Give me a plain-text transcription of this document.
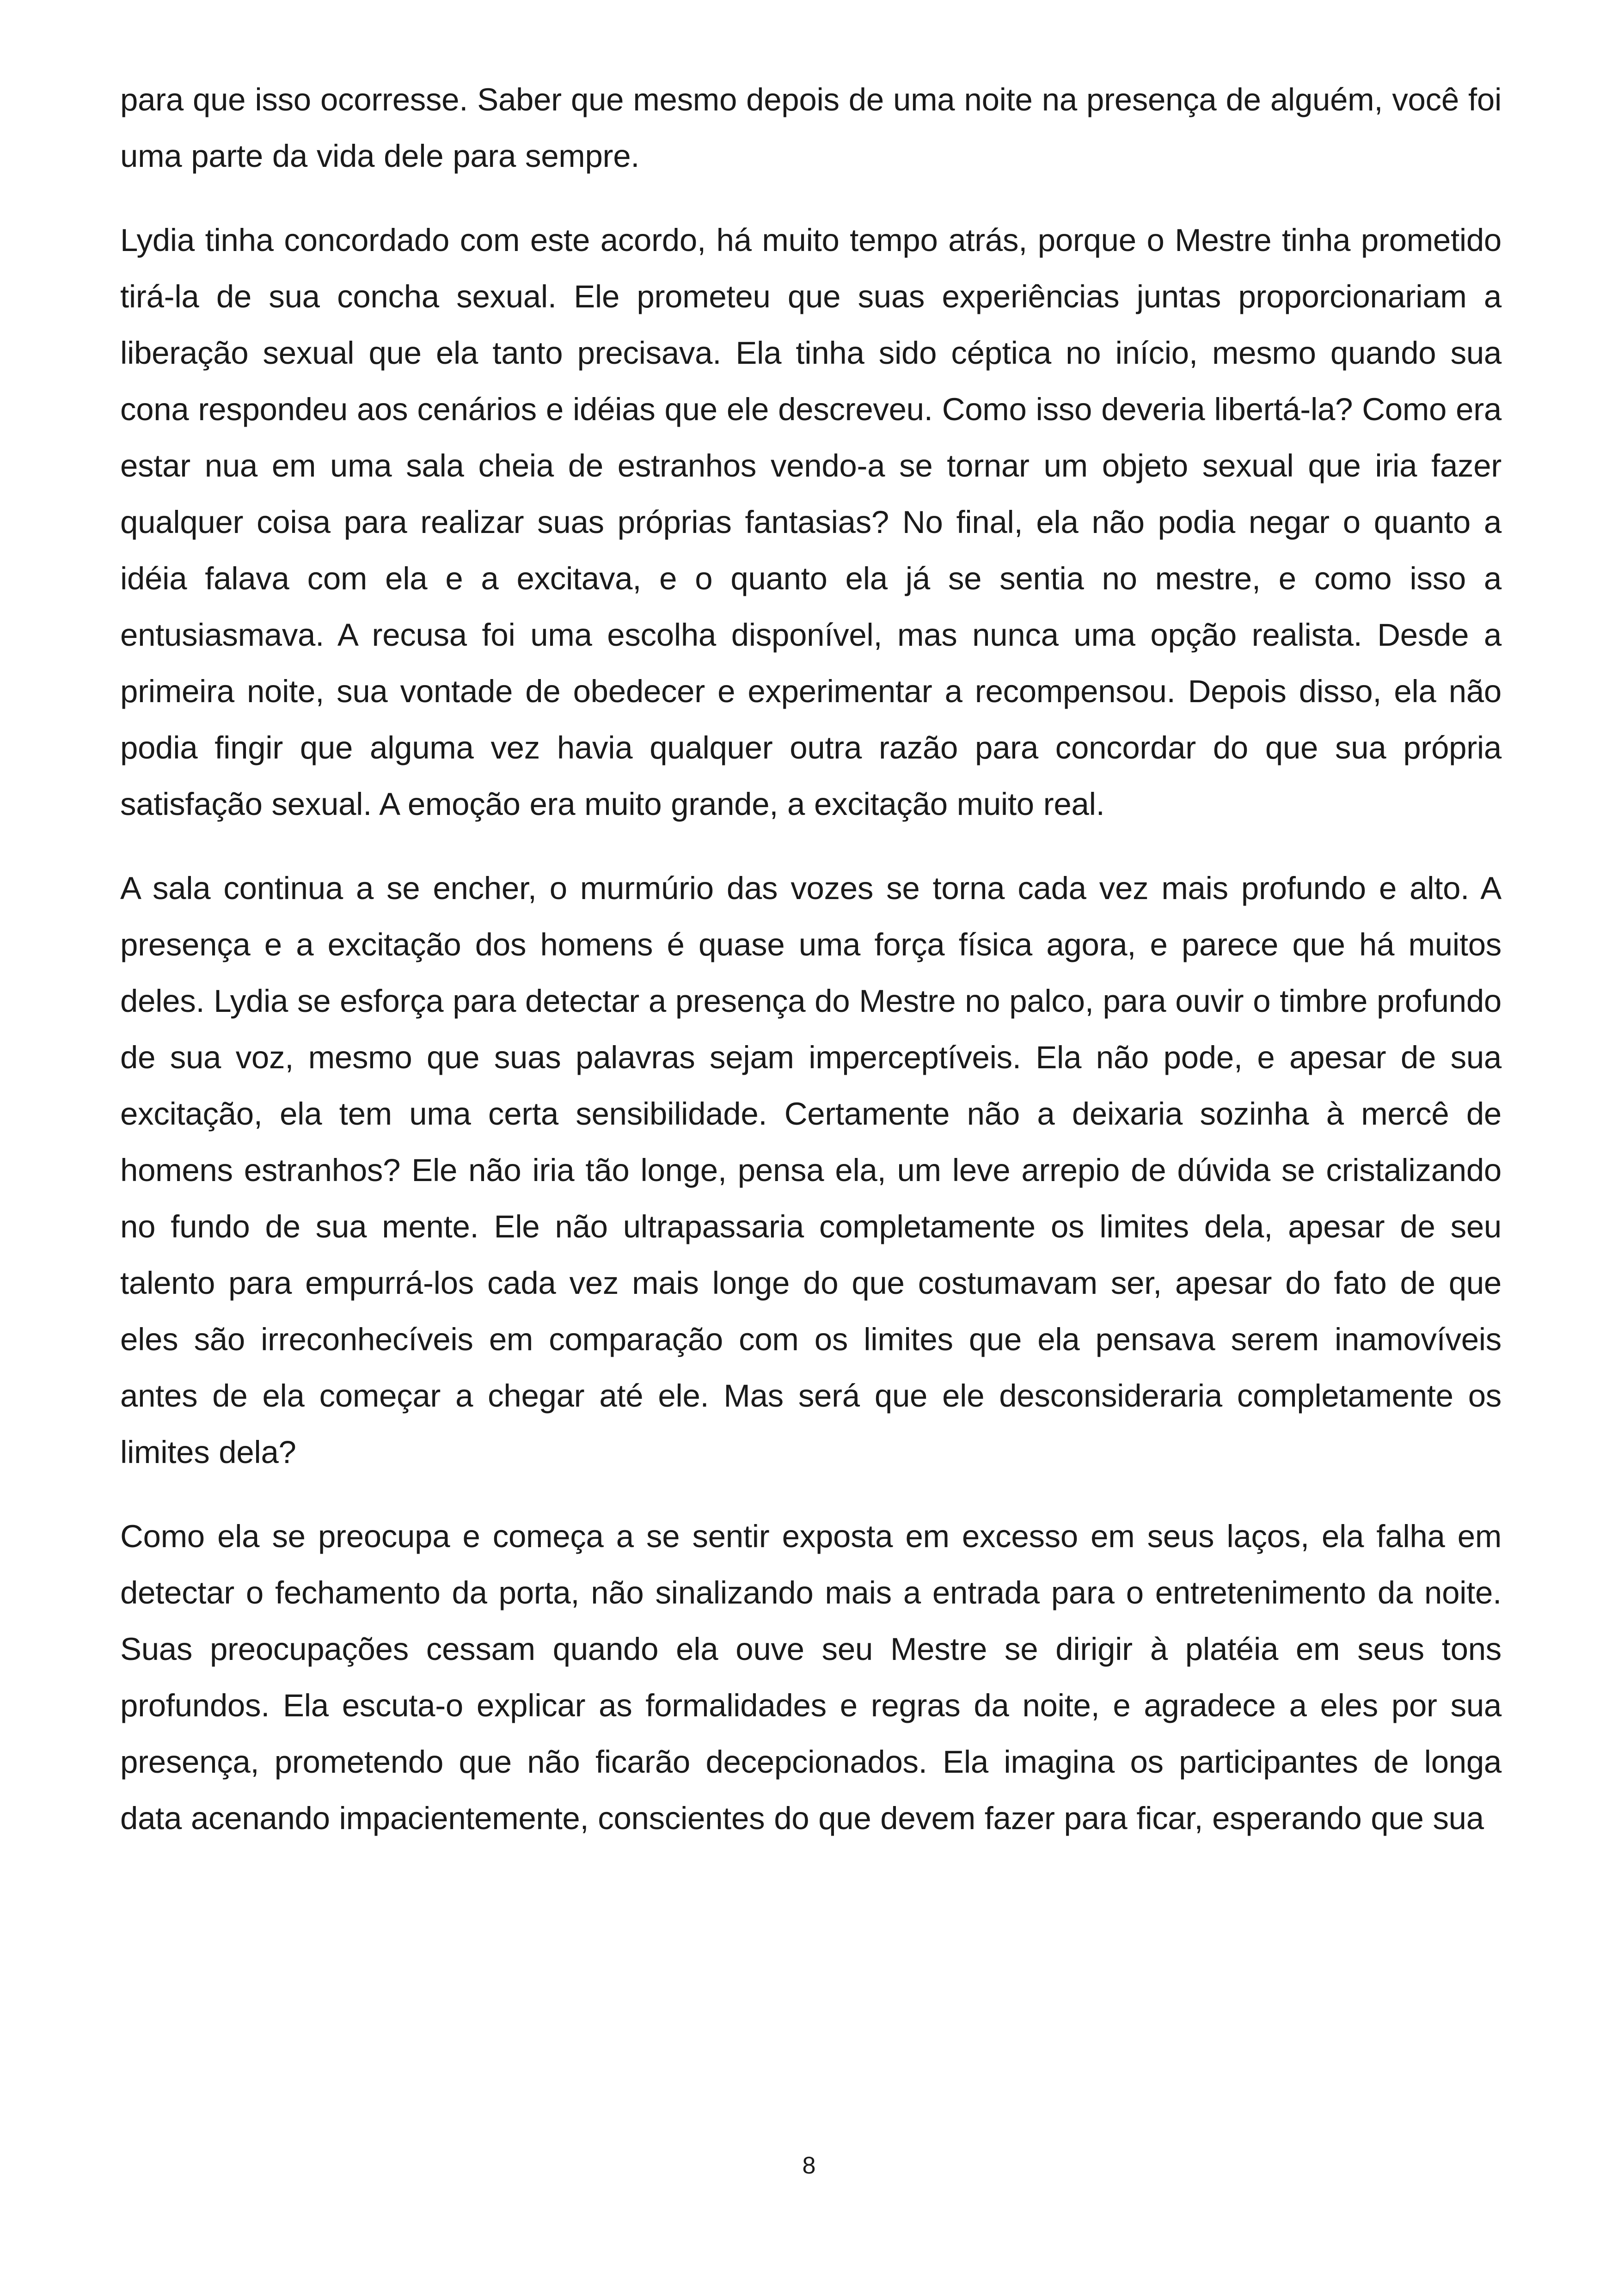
para que isso ocorresse. Saber que mesmo depois de uma noite na presença de alguém, você foi uma parte da vida dele para sempre.

Lydia tinha concordado com este acordo, há muito tempo atrás, porque o Mestre tinha prometido tirá-la de sua concha sexual. Ele prometeu que suas experiências juntas proporcionariam a liberação sexual que ela tanto precisava. Ela tinha sido céptica no início, mesmo quando sua cona respondeu aos cenários e idéias que ele descreveu. Como isso deveria libertá-la? Como era estar nua em uma sala cheia de estranhos vendo-a se tornar um objeto sexual que iria fazer qualquer coisa para realizar suas próprias fantasias? No final, ela não podia negar o quanto a idéia falava com ela e a excitava, e o quanto ela já se sentia no mestre, e como isso a entusiasmava. A recusa foi uma escolha disponível, mas nunca uma opção realista. Desde a primeira noite, sua vontade de obedecer e experimentar a recompensou. Depois disso, ela não podia fingir que alguma vez havia qualquer outra razão para concordar do que sua própria satisfação sexual. A emoção era muito grande, a excitação muito real.

A sala continua a se encher, o murmúrio das vozes se torna cada vez mais profundo e alto. A presença e a excitação dos homens é quase uma força física agora, e parece que há muitos deles. Lydia se esforça para detectar a presença do Mestre no palco, para ouvir o timbre profundo de sua voz, mesmo que suas palavras sejam imperceptíveis. Ela não pode, e apesar de sua excitação, ela tem uma certa sensibilidade. Certamente não a deixaria sozinha à mercê de homens estranhos? Ele não iria tão longe, pensa ela, um leve arrepio de dúvida se cristalizando no fundo de sua mente. Ele não ultrapassaria completamente os limites dela, apesar de seu talento para empurrá-los cada vez mais longe do que costumavam ser, apesar do fato de que eles são irreconhecíveis em comparação com os limites que ela pensava serem inamovíveis antes de ela começar a chegar até ele. Mas será que ele desconsideraria completamente os limites dela?

Como ela se preocupa e começa a se sentir exposta em excesso em seus laços, ela falha em detectar o fechamento da porta, não sinalizando mais a entrada para o entretenimento da noite. Suas preocupações cessam quando ela ouve seu Mestre se dirigir à platéia em seus tons profundos. Ela escuta-o explicar as formalidades e regras da noite, e agradece a eles por sua presença, prometendo que não ficarão decepcionados. Ela imagina os participantes de longa data acenando impacientemente, conscientes do que devem fazer para ficar, esperando que sua

8
